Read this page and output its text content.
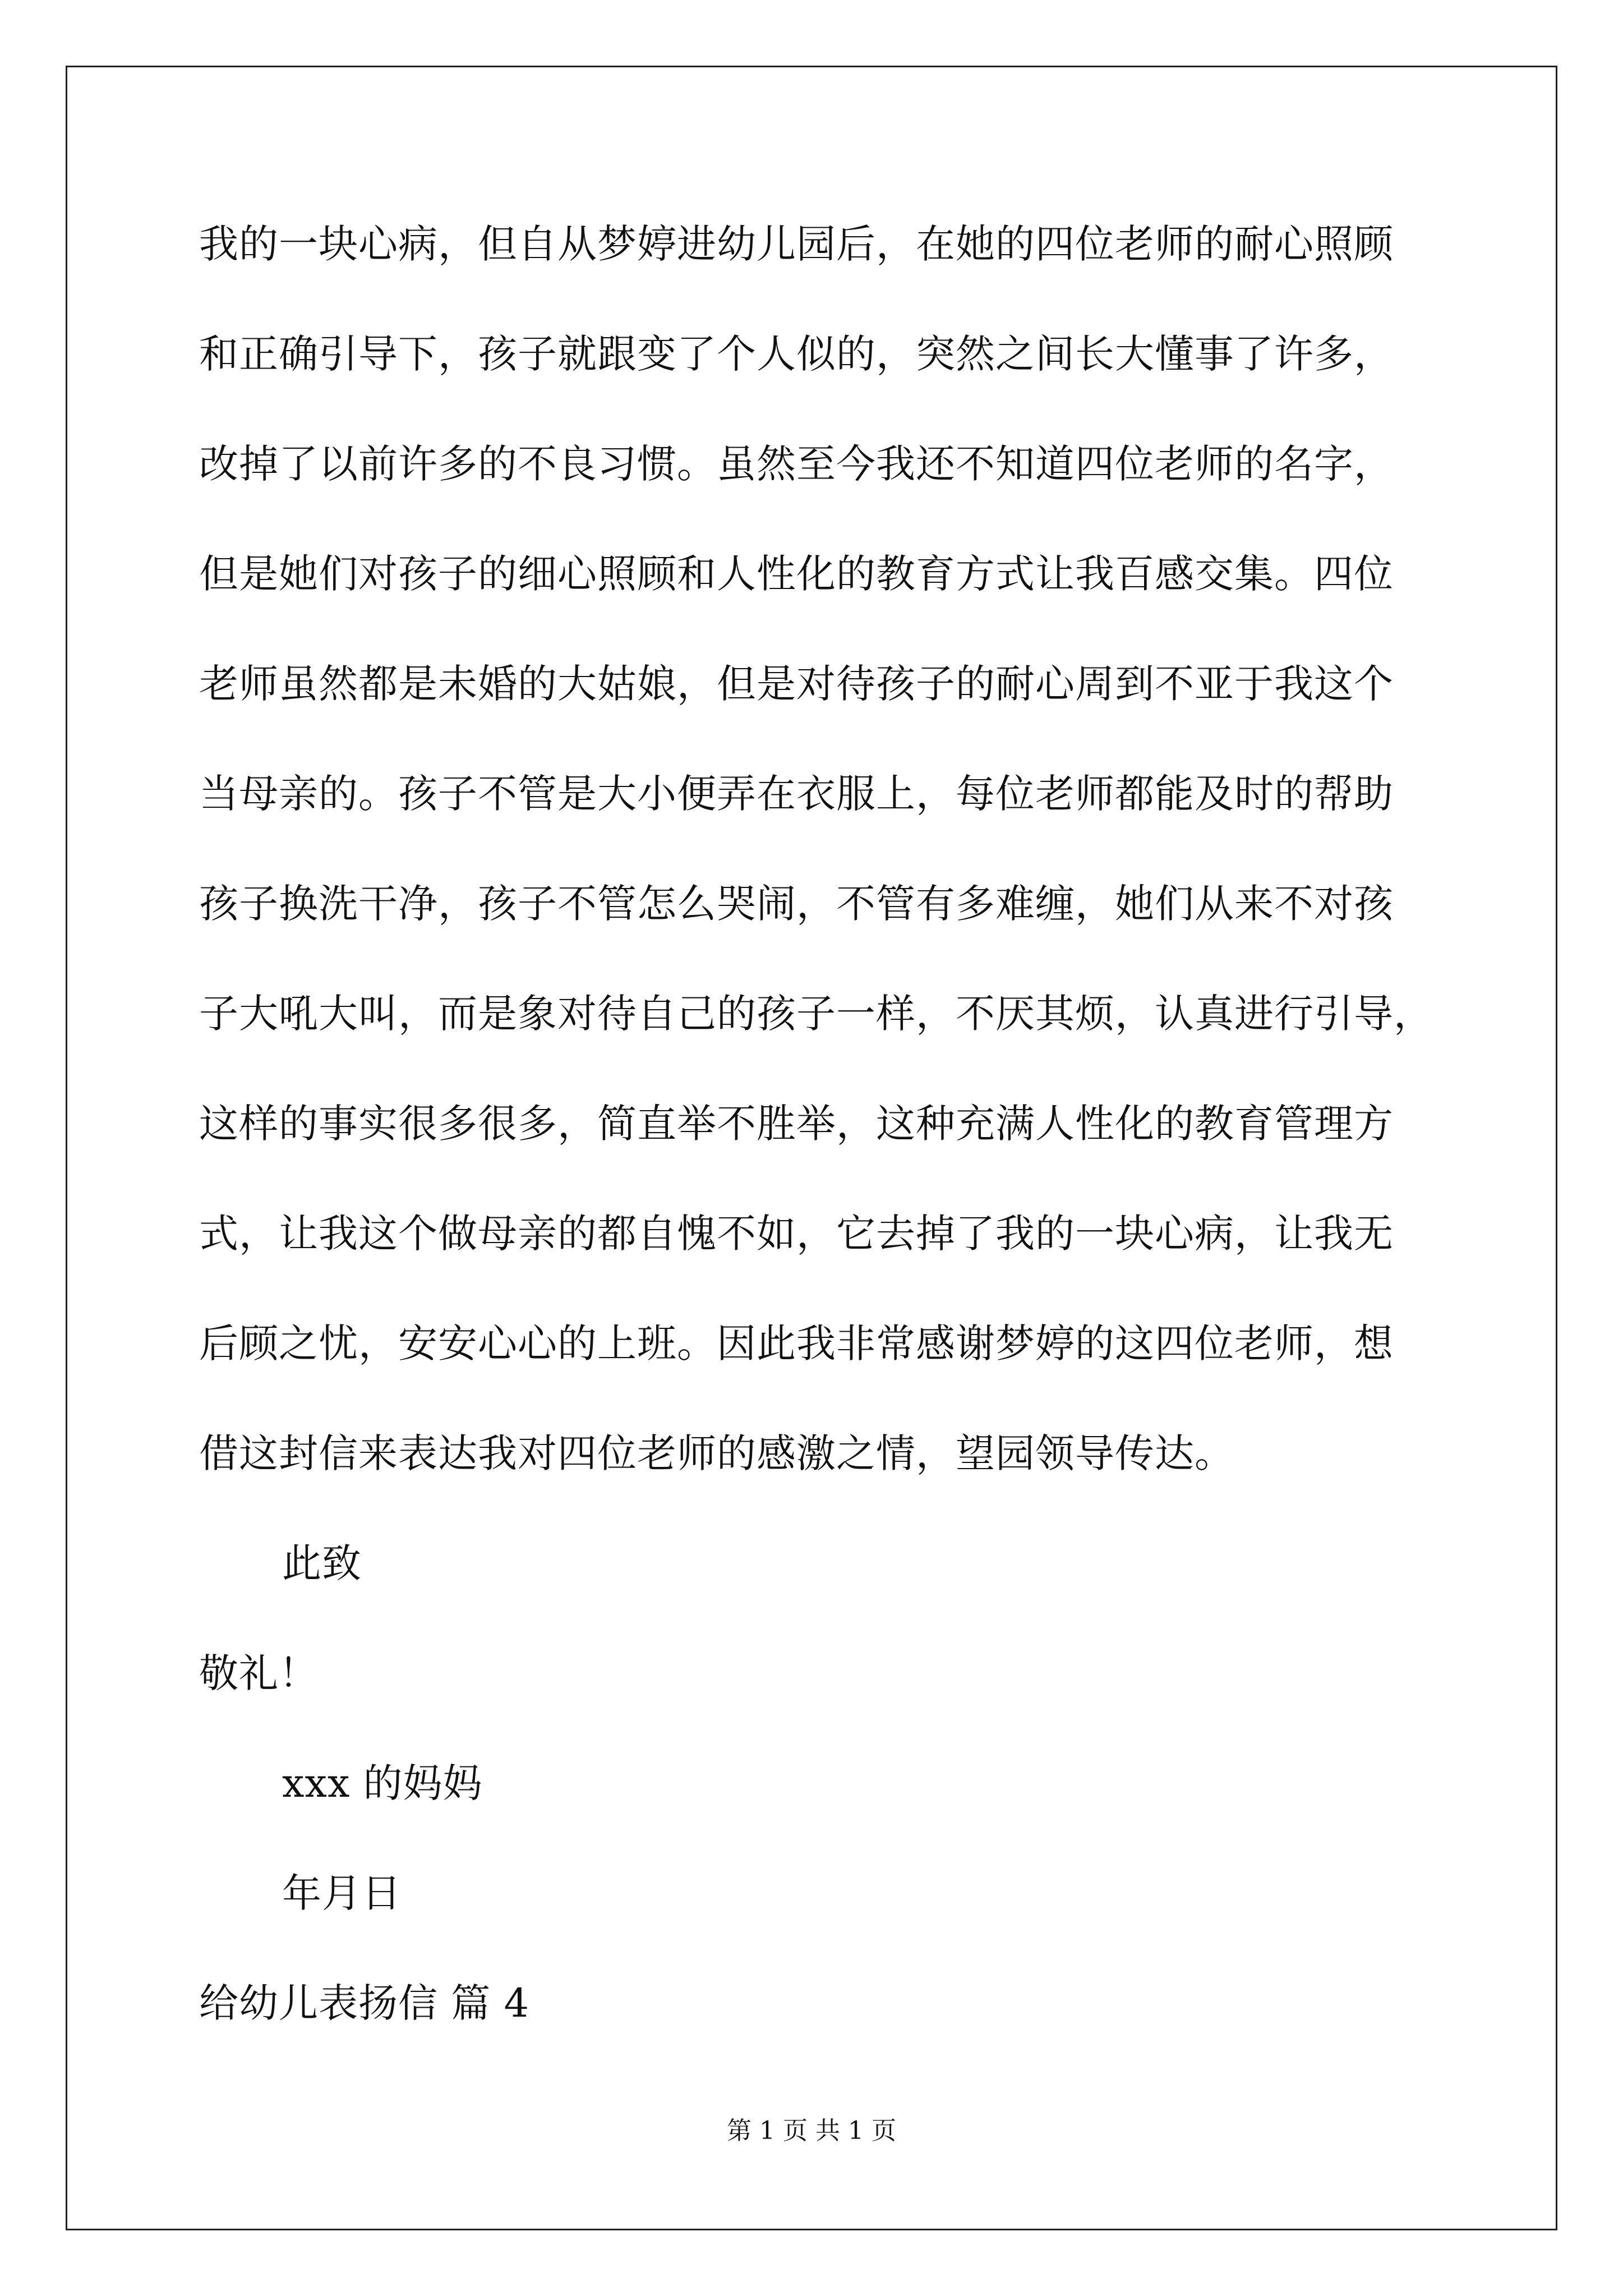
我的一块心病，但自从梦婷进幼儿园后，在她的四位老师的耐心照顾
和正确引导下，孩子就跟变了个人似的，突然之间长大懂事了许多，
改掉了以前许多的不良习惯。虽然至今我还不知道四位老师的名字，
但是她们对孩子的细心照顾和人性化的教育方式让我百感交集。四位
老师虽然都是未婚的大姑娘，但是对待孩子的耐心周到不亚于我这个
当母亲的。孩子不管是大小便弄在衣服上，每位老师都能及时的帮助
孩子换洗干净，孩子不管怎么哭闹，不管有多难缠，她们从来不对孩
子大吼大叫，而是象对待自己的孩子一样，不厌其烦，认真进行引导，
这样的事实很多很多，简直举不胜举，这种充满人性化的教育管理方
式，让我这个做母亲的都自愧不如，它去掉了我的一块心病，让我无
后顾之忧，安安心心的上班。因此我非常感谢梦婷的这四位老师，想
借这封信来表达我对四位老师的感激之情，望园领导传达。
此致
敬礼！
xxx 的妈妈
年月日
给幼儿表扬信 篇 4
第 1 页 共 1 页
